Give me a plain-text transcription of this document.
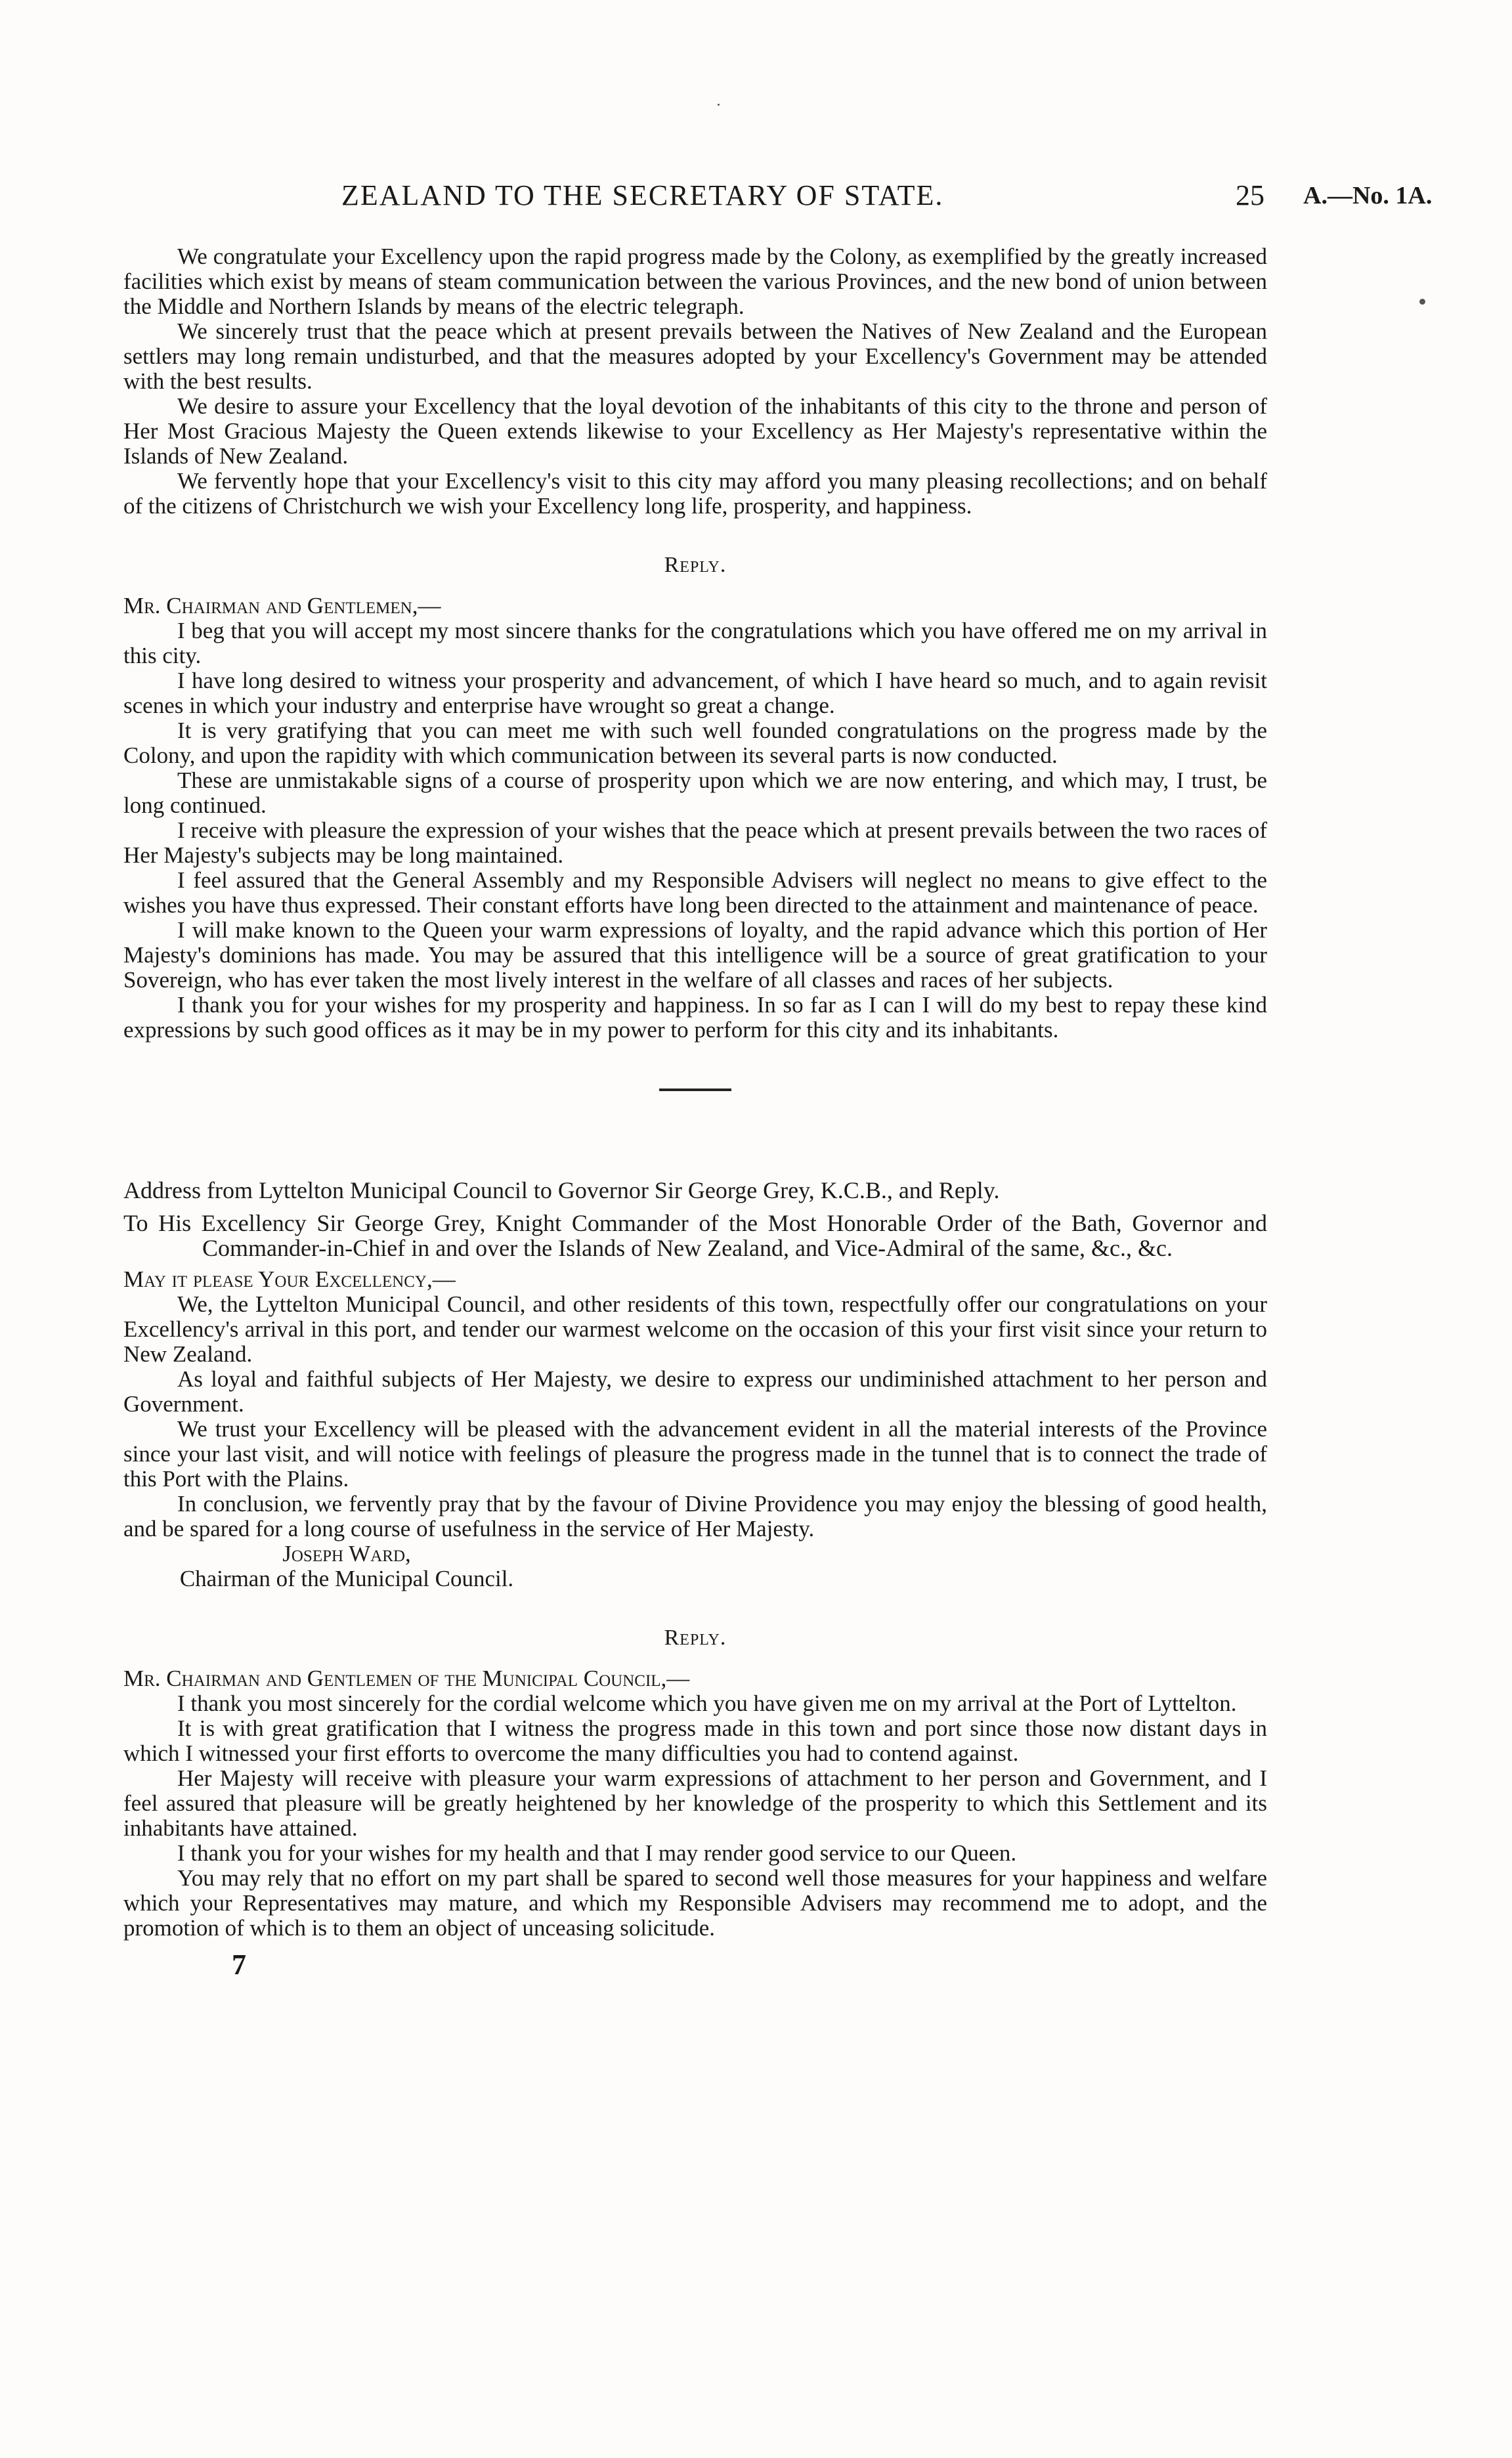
ZEALAND TO THE SECRETARY OF STATE.	25 A.—No. 1A.

We congratulate your Excellency upon the rapid progress made by the Colony, as exemplified by the greatly increased facilities which exist by means of steam communication between the various Provinces, and the new bond of union between the Middle and Northern Islands by means of the electric telegraph.

We sincerely trust that the peace which at present prevails between the Natives of New Zealand and the European settlers may long remain undisturbed, and that the measures adopted by your Excellency's Government may be attended with the best results.

We desire to assure your Excellency that the loyal devotion of the inhabitants of this city to the throne and person of Her Most Gracious Majesty the Queen extends likewise to your Excellency as Her Majesty's representative within the Islands of New Zealand.

We fervently hope that your Excellency's visit to this city may afford you many pleasing recollections; and on behalf of the citizens of Christchurch we wish your Excellency long life, prosperity, and happiness.

Reply.

Mr. Chairman and Gentlemen,—

I beg that you will accept my most sincere thanks for the congratulations which you have offered me on my arrival in this city.

I have long desired to witness your prosperity and advancement, of which I have heard so much, and to again revisit scenes in which your industry and enterprise have wrought so great a change.

It is very gratifying that you can meet me with such well founded congratulations on the progress made by the Colony, and upon the rapidity with which communication between its several parts is now conducted.

These are unmistakable signs of a course of prosperity upon which we are now entering, and which may, I trust, be long continued.

I receive with pleasure the expression of your wishes that the peace which at present prevails between the two races of Her Majesty's subjects may be long maintained.

I feel assured that the General Assembly and my Responsible Advisers will neglect no means to give effect to the wishes you have thus expressed. Their constant efforts have long been directed to the attainment and maintenance of peace.

I will make known to the Queen your warm expressions of loyalty, and the rapid advance which this portion of Her Majesty's dominions has made. You may be assured that this intelligence will be a source of great gratification to your Sovereign, who has ever taken the most lively interest in the welfare of all classes and races of her subjects.

I thank you for your wishes for my prosperity and happiness. In so far as I can I will do my best to repay these kind expressions by such good offices as it may be in my power to perform for this city and its inhabitants.

Address from Lyttelton Municipal Council to Governor Sir George Grey, K.C.B., and Reply.

To His Excellency Sir George Grey, Knight Commander of the Most Honorable Order of the Bath, Governor and Commander-in-Chief in and over the Islands of New Zealand, and Vice-Admiral of the same, &c., &c.

May it please Your Excellency,—

We, the Lyttelton Municipal Council, and other residents of this town, respectfully offer our congratulations on your Excellency's arrival in this port, and tender our warmest welcome on the occasion of this your first visit since your return to New Zealand.

As loyal and faithful subjects of Her Majesty, we desire to express our undiminished attachment to her person and Government.

We trust your Excellency will be pleased with the advancement evident in all the material interests of the Province since your last visit, and will notice with feelings of pleasure the progress made in the tunnel that is to connect the trade of this Port with the Plains.

In conclusion, we fervently pray that by the favour of Divine Providence you may enjoy the blessing of good health, and be spared for a long course of usefulness in the service of Her Majesty.

Joseph Ward,

Chairman of the Municipal Council.

Reply.

Mr. Chairman and Gentlemen of the Municipal Council,—

I thank you most sincerely for the cordial welcome which you have given me on my arrival at the Port of Lyttelton.

It is with great gratification that I witness the progress made in this town and port since those now distant days in which I witnessed your first efforts to overcome the many difficulties you had to contend against.

Her Majesty will receive with pleasure your warm expressions of attachment to her person and Government, and I feel assured that pleasure will be greatly heightened by her knowledge of the prosperity to which this Settlement and its inhabitants have attained.

I thank you for your wishes for my health and that I may render good service to our Queen.

You may rely that no effort on my part shall be spared to second well those measures for your happiness and welfare which your Representatives may mature, and which my Responsible Advisers may recommend me to adopt, and the promotion of which is to them an object of unceasing solicitude.

7
